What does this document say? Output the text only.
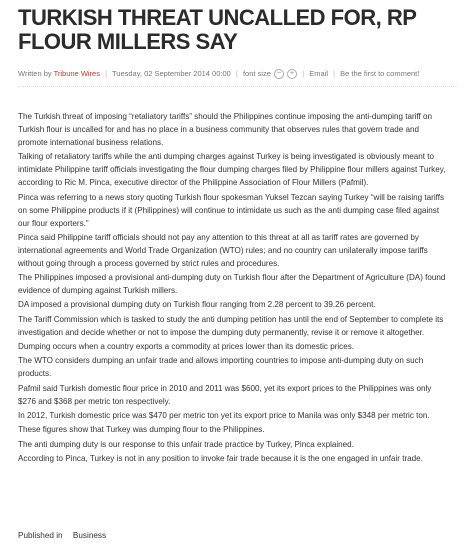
TURKISH THREAT UNCALLED FOR, RP FLOUR MILLERS SAY
Written by Tribune Wires | Tuesday, 02 September 2014 00:00 | font size − + | Email | Be the first to comment!

The Turkish threat of imposing “retaliatory tariffs” should the Philippines continue imposing the anti-dumping tariff on Turkish flour is uncalled for and has no place in a business community that observes rules that govern trade and promote international business relations.

Talking of retaliatory tariffs while the anti dumping charges against Turkey is being investigated is obviously meant to intimidate Philippine tariff officials investigating the flour dumping charges filed by Philippine flour millers against Turkey, according to Ric M. Pinca, executive director of the Philippine Association of Flour Millers (Pafmil).

Pinca was referring to a news story quoting Turkish flour spokesman Yuksel Tezcan saying Turkey “will be raising tariffs on some Philippine products if it (Philippines) will continue to intimidate us such as the anti dumping case filed against our flour exporters.”

Pinca said Philippine tariff officials should not pay any attention to this threat at all as tariff rates are governed by international agreements and World Trade Organization (WTO) rules; and no country can unilaterally impose tariffs without going through a process governed by strict rules and procedures.

The Philippines imposed a provisional anti-dumping duty on Turkish flour after the Department of Agriculture (DA) found evidence of dumping against Turkish millers.

DA imposed a provisional dumping duty on Turkish flour ranging from 2.28 percent to 39.26 percent.

The Tariff Commission which is tasked to study the anti dumping petition has until the end of September to complete its investigation and decide whether or not to impose the dumping duty permanently, revise it or remove it altogether.

Dumping occurs when a country exports a commodity at prices lower than its domestic prices.

The WTO considers dumping an unfair trade and allows importing countries to impose anti-dumping duty on such products.

Pafmil said Turkish domestic flour price in 2010 and 2011 was $600, yet its export prices to the Philippines was only $276 and $368 per metric ton respectively.

In 2012, Turkish domestic price was $470 per metric ton yet its export price to Manila was only $348 per metric ton.

These figures show that Turkey was dumping flour to the Philippines.

The anti dumping duty is our response to this unfair trade practice by Turkey, Pinca explained.

According to Pinca, Turkey is not in any position to invoke fair trade because it is the one engaged in unfair trade.

Published in Business
